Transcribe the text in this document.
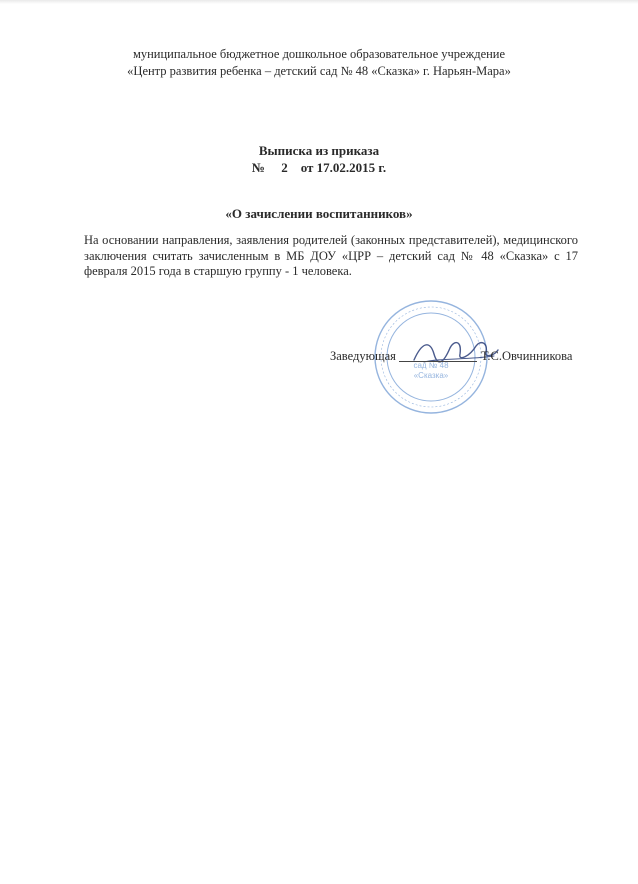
муниципальное бюджетное дошкольное образовательное учреждение
«Центр развития ребенка – детский сад № 48 «Сказка» г. Нарьян-Мара»
Выписка из приказа
№     2    от 17.02.2015 г.
«О зачислении воспитанников»
На основании направления, заявления родителей (законных представителей), медицинского заключения считать зачисленным в МБ ДОУ «ЦРР – детский сад № 48 «Сказка» с 17 февраля 2015 года в старшую группу - 1 человека.
сад № 48
«Сказка»
Заведующая	Т.С.Овчинникова
